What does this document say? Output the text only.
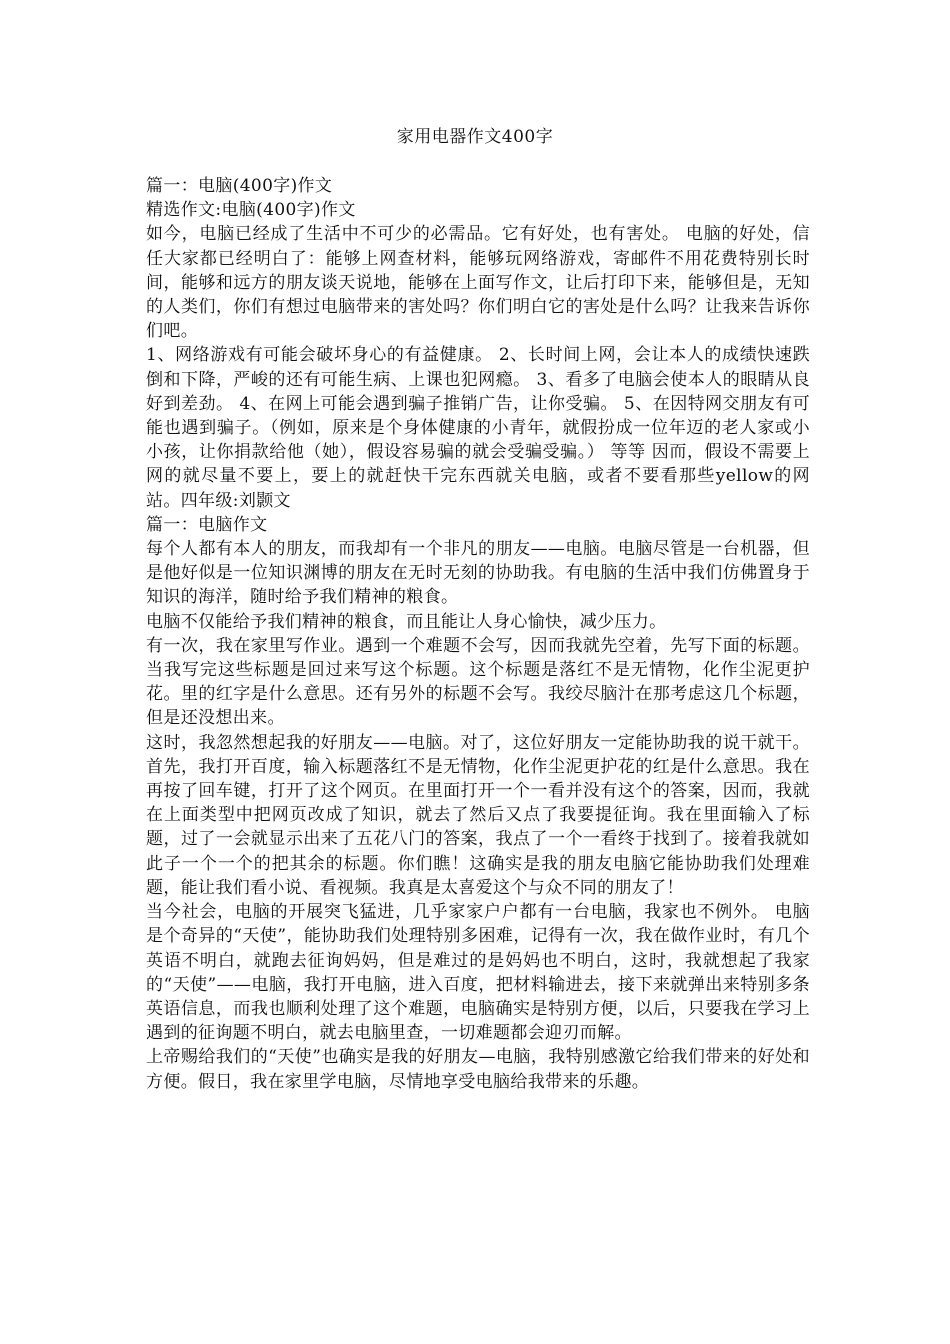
家用电器作文400字

篇一：电脑(400字)作文

精选作文:电脑(400字)作文

如今，电脑已经成了生活中不可少的必需品。它有好处，也有害处。 电脑的好处，信任大家都已经明白了：能够上网查材料，能够玩网络游戏，寄邮件不用花费特别长时间，能够和远方的朋友谈天说地，能够在上面写作文，让后打印下来，能够但是，无知的人类们，你们有想过电脑带来的害处吗？你们明白它的害处是什么吗？让我来告诉你们吧。

1、网络游戏有可能会破坏身心的有益健康。 2、长时间上网，会让本人的成绩快速跌倒和下降，严峻的还有可能生病、上课也犯网瘾。 3、看多了电脑会使本人的眼睛从良好到差劲。 4、在网上可能会遇到骗子推销广告，让你受骗。 5、在因特网交朋友有可能也遇到骗子。（例如，原来是个身体健康的小青年，就假扮成一位年迈的老人家或小小孩，让你捐款给他（她），假设容易骗的就会受骗受骗。） 等等 因而，假设不需要上网的就尽量不要上，要上的就赶快干完东西就关电脑，或者不要看那些yellow的网站。四年级:刘颢文

篇一：电脑作文

每个人都有本人的朋友，而我却有一个非凡的朋友——电脑。电脑尽管是一台机器，但是他好似是一位知识渊博的朋友在无时无刻的协助我。有电脑的生活中我们仿佛置身于知识的海洋，随时给予我们精神的粮食。

电脑不仅能给予我们精神的粮食，而且能让人身心愉快，减少压力。

有一次，我在家里写作业。遇到一个难题不会写，因而我就先空着，先写下面的标题。当我写完这些标题是回过来写这个标题。这个标题是落红不是无情物，化作尘泥更护花。里的红字是什么意思。还有另外的标题不会写。我绞尽脑汁在那考虑这几个标题，但是还没想出来。

这时，我忽然想起我的好朋友——电脑。对了，这位好朋友一定能协助我的说干就干。 首先，我打开百度，输入标题落红不是无情物，化作尘泥更护花的红是什么意思。我在再按了回车键，打开了这个网页。在里面打开一个一看并没有这个的答案，因而，我就在上面类型中把网页改成了知识，就去了然后又点了我要提征询。我在里面输入了标题，过了一会就显示出来了五花八门的答案，我点了一个一看终于找到了。接着我就如此子一个一个的把其余的标题。你们瞧！这确实是我的朋友电脑它能协助我们处理难题，能让我们看小说、看视频。我真是太喜爱这个与众不同的朋友了！

当今社会，电脑的开展突飞猛进，几乎家家户户都有一台电脑，我家也不例外。 电脑是个奇异的“天使”，能协助我们处理特别多困难，记得有一次，我在做作业时，有几个英语不明白，就跑去征询妈妈，但是难过的是妈妈也不明白，这时，我就想起了我家的“天使”——电脑，我打开电脑，进入百度，把材料输进去，接下来就弹出来特别多条英语信息，而我也顺利处理了这个难题，电脑确实是特别方便，以后，只要我在学习上遇到的征询题不明白，就去电脑里查，一切难题都会迎刃而解。

上帝赐给我们的“天使”也确实是我的好朋友—电脑，我特别感激它给我们带来的好处和方便。假日，我在家里学电脑，尽情地享受电脑给我带来的乐趣。
